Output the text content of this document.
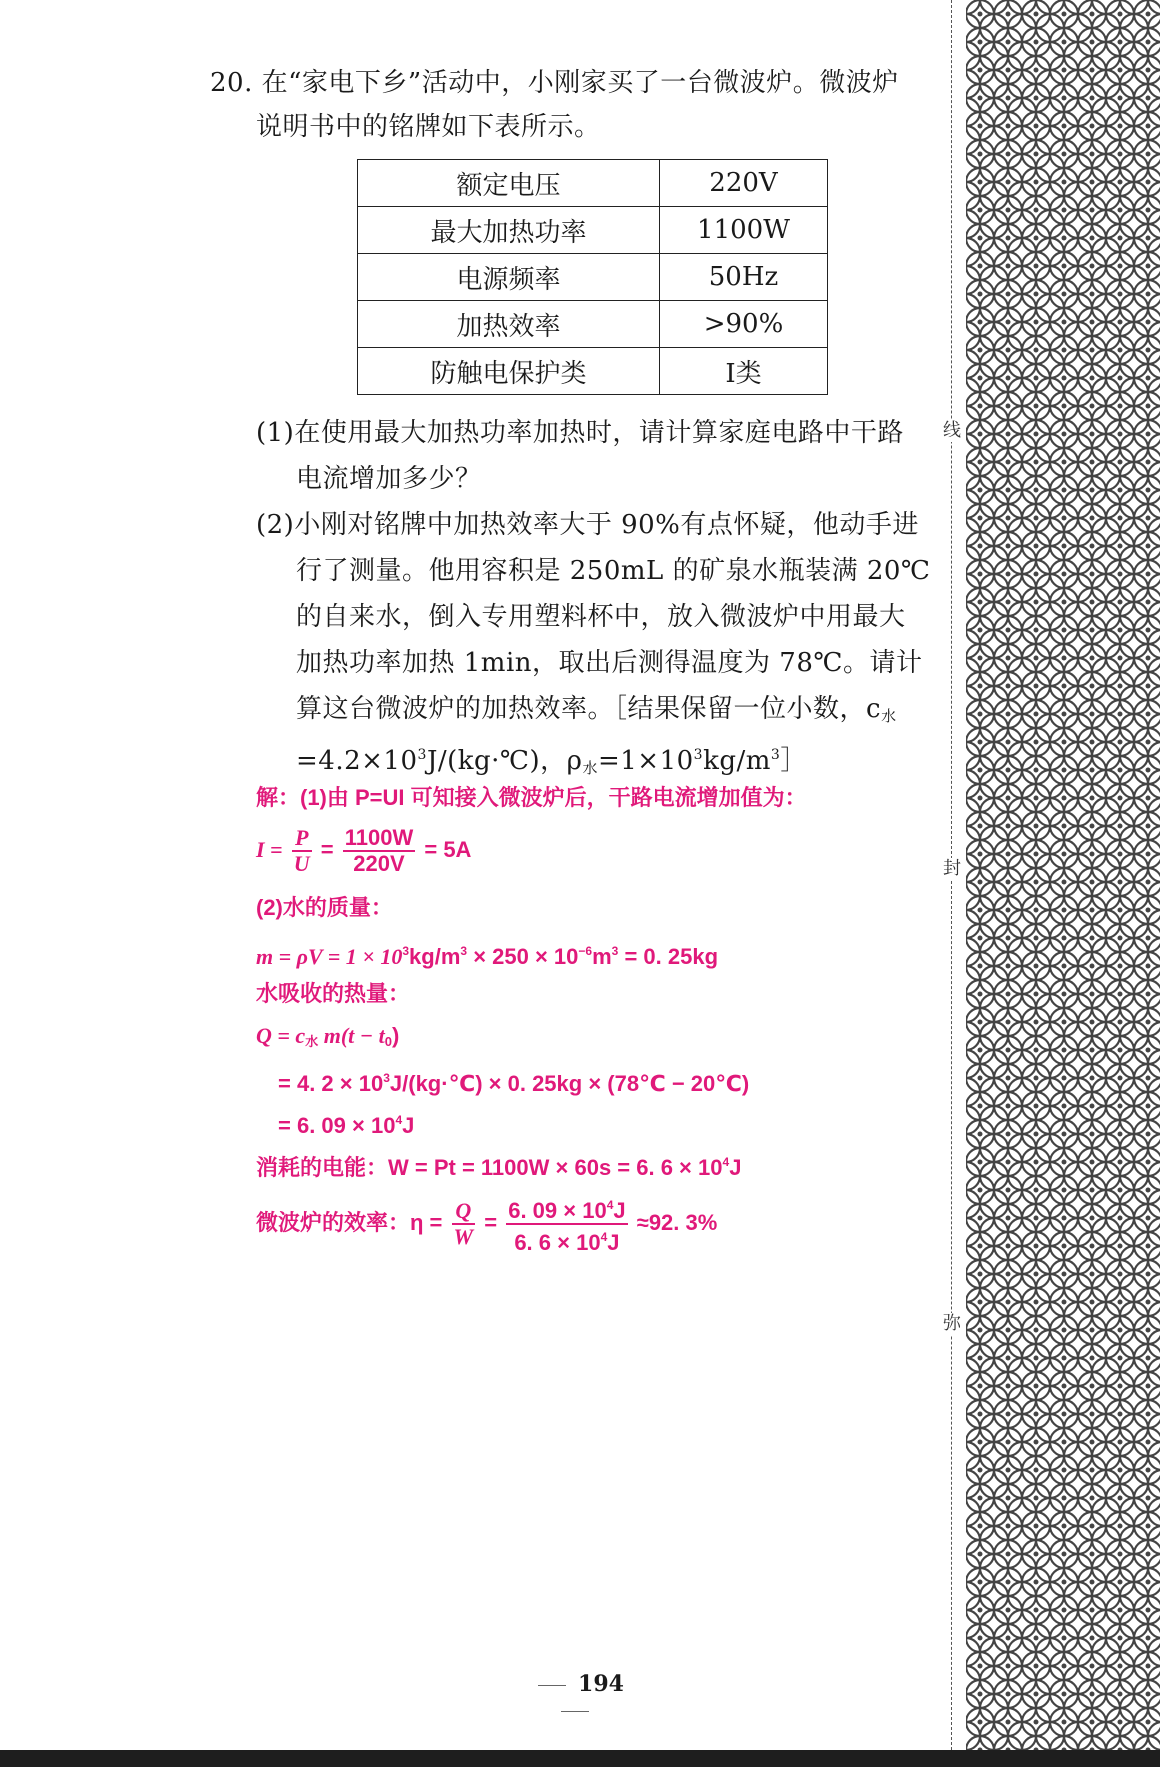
20. 在“家电下乡”活动中，小刚家买了一台微波炉。微波炉
说明书中的铭牌如下表所示。
额定电压	220V
最大加热功率	1100W
电源频率	50Hz
加热效率	>90%
防触电保护类	Ⅰ类
(1)在使用最大加热功率加热时，请计算家庭电路中干路
电流增加多少？
(2)小刚对铭牌中加热效率大于 90%有点怀疑，他动手进
行了测量。他用容积是 250mL 的矿泉水瓶装满 20℃
的自来水，倒入专用塑料杯中，放入微波炉中用最大
加热功率加热 1min，取出后测得温度为 78℃。请计
算这台微波炉的加热效率。［结果保留一位小数，$c_水$
$=4.2\times 10^3J/(kg\cdot℃)$，$\rho_水=1\times 10^3kg/m^3]$
解：(1)由 P=UI 可知接入微波炉后，干路电流增加值为：
$I = \frac{P}{U} = \frac{1100W}{220V} = 5A$
(2)水的质量：
$m = \rho V = 1 \times 10^3kg/m^3 \times 250 \times 10^{-6}m^3 = 0$. 25kg
水吸收的热量：
$Q = c_水$ $m(t - t_0)$
= 4. $2 \times 10^3J/(kg\cdot℃) \times 0$. 25kg × (78℃ − 20℃)
= 6. $09 \times 10^4J$
消耗的电能：W = Pt = 1100W × 60s = 6. $6 \times 10^4J$
微波炉的效率：$\eta = \frac{Q}{W} = \frac{6. 09 \times 10^4J}{6. 6 \times 10^4J} \approx 92$. 3%
线
封
弥
194
